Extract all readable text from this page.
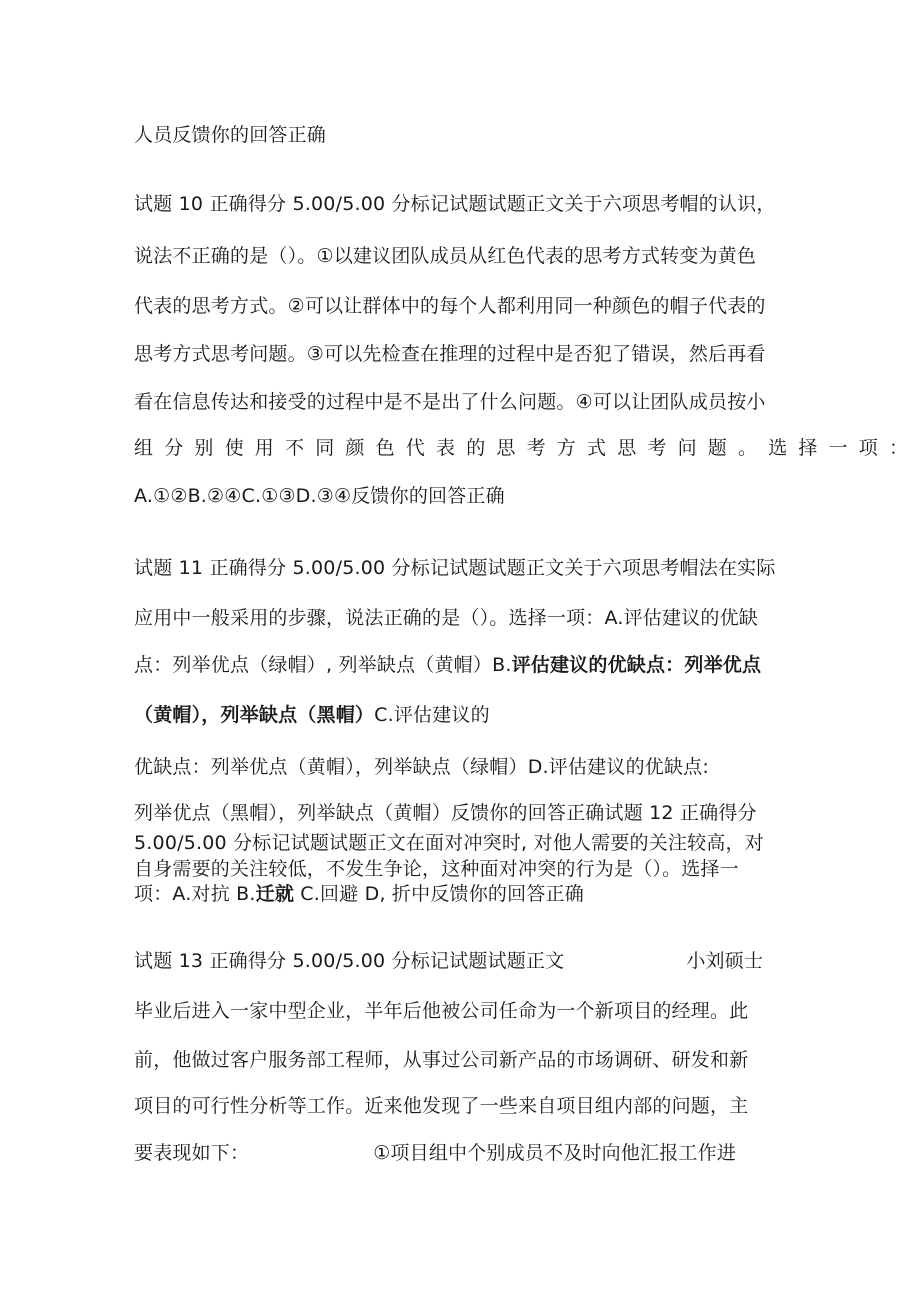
人员反馈你的回答正确
试题 10 正确得分 5.00/5.00 分标记试题试题正文关于六项思考帽的认识，
说法不正确的是（）。①以建议团队成员从红色代表的思考方式转变为黄色
代表的思考方式。②可以让群体中的每个人都利用同一种颜色的帽子代表的
思考方式思考问题。③可以先检查在推理的过程中是否犯了错误，然后再看
看在信息传达和接受的过程中是不是出了什么问题。④可以让团队成员按小
组分别使用不同颜色代表的思考方式思考问题。选择一项：
A.①②B.②④C.①③D.③④反馈你的回答正确
试题 11 正确得分 5.00/5.00 分标记试题试题正文关于六项思考帽法在实际
应用中一般采用的步骤，说法正确的是（）。选择一项：A.评估建议的优缺
点：列举优点（绿帽）, 列举缺点（黄帽）B.评估建议的优缺点：列举优点
（黄帽），列举缺点（黑帽）C.评估建议的
优缺点：列举优点（黄帽），列举缺点（绿帽）D.评估建议的优缺点:
列举优点（黑帽），列举缺点（黄帽）反馈你的回答正确试题 12 正确得分
5.00/5.00 分标记试题试题正文在面对冲突时, 对他人需要的关注较高，对
自身需要的关注较低，不发生争论，这种面对冲突的行为是（）。选择一
项：A.对抗 B.迁就 C.回避 D, 折中反馈你的回答正确
试题 13 正确得分 5.00/5.00 分标记试题试题正文	小刘硕士
毕业后进入一家中型企业，半年后他被公司任命为一个新项目的经理。此
前，他做过客户服务部工程师，从事过公司新产品的市场调研、研发和新
项目的可行性分析等工作。近来他发现了一些来自项目组内部的问题，主
要表现如下：	①项目组中个别成员不及时向他汇报工作进
